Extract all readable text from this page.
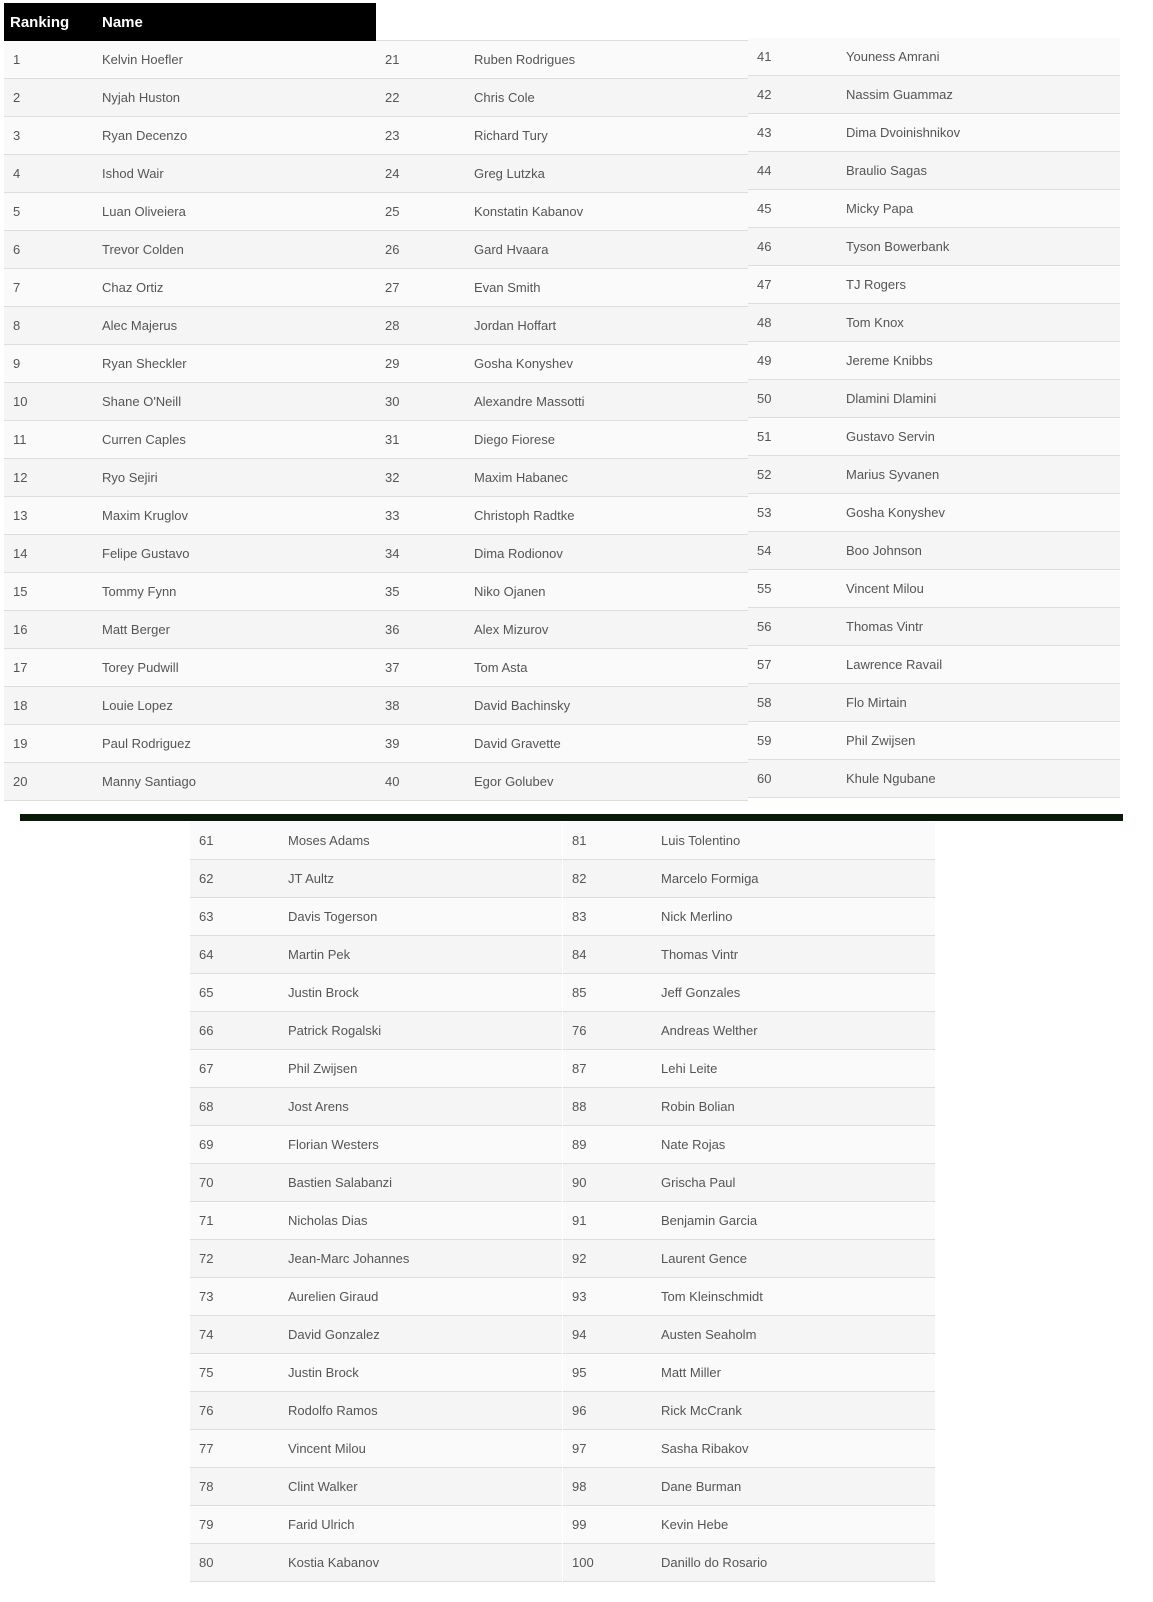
Ranking	Name
1	Kelvin Hoefler
2	Nyjah Huston
3	Ryan Decenzo
4	Ishod Wair
5	Luan Oliveiera
6	Trevor Colden
7	Chaz Ortiz
8	Alec Majerus
9	Ryan Sheckler
10	Shane O'Neill
11	Curren Caples
12	Ryo Sejiri
13	Maxim Kruglov
14	Felipe Gustavo
15	Tommy Fynn
16	Matt Berger
17	Torey Pudwill
18	Louie Lopez
19	Paul Rodriguez
20	Manny Santiago
21	Ruben Rodrigues
22	Chris Cole
23	Richard Tury
24	Greg Lutzka
25	Konstatin Kabanov
26	Gard Hvaara
27	Evan Smith
28	Jordan Hoffart
29	Gosha Konyshev
30	Alexandre Massotti
31	Diego Fiorese
32	Maxim Habanec
33	Christoph Radtke
34	Dima Rodionov
35	Niko Ojanen
36	Alex Mizurov
37	Tom Asta
38	David Bachinsky
39	David Gravette
40	Egor Golubev
41	Youness Amrani
42	Nassim Guammaz
43	Dima Dvoinishnikov
44	Braulio Sagas
45	Micky Papa
46	Tyson Bowerbank
47	TJ Rogers
48	Tom Knox
49	Jereme Knibbs
50	Dlamini Dlamini
51	Gustavo Servin
52	Marius Syvanen
53	Gosha Konyshev
54	Boo Johnson
55	Vincent Milou
56	Thomas Vintr
57	Lawrence Ravail
58	Flo Mirtain
59	Phil Zwijsen
60	Khule Ngubane
61	Moses Adams
62	JT Aultz
63	Davis Togerson
64	Martin Pek
65	Justin Brock
66	Patrick Rogalski
67	Phil Zwijsen
68	Jost Arens
69	Florian Westers
70	Bastien Salabanzi
71	Nicholas Dias
72	Jean-Marc Johannes
73	Aurelien Giraud
74	David Gonzalez
75	Justin Brock
76	Rodolfo Ramos
77	Vincent Milou
78	Clint Walker
79	Farid Ulrich
80	Kostia Kabanov
81	Luis Tolentino
82	Marcelo Formiga
83	Nick Merlino
84	Thomas Vintr
85	Jeff Gonzales
76	Andreas Welther
87	Lehi Leite
88	Robin Bolian
89	Nate Rojas
90	Grischa Paul
91	Benjamin Garcia
92	Laurent Gence
93	Tom Kleinschmidt
94	Austen Seaholm
95	Matt Miller
96	Rick McCrank
97	Sasha Ribakov
98	Dane Burman
99	Kevin Hebe
100	Danillo do Rosario
